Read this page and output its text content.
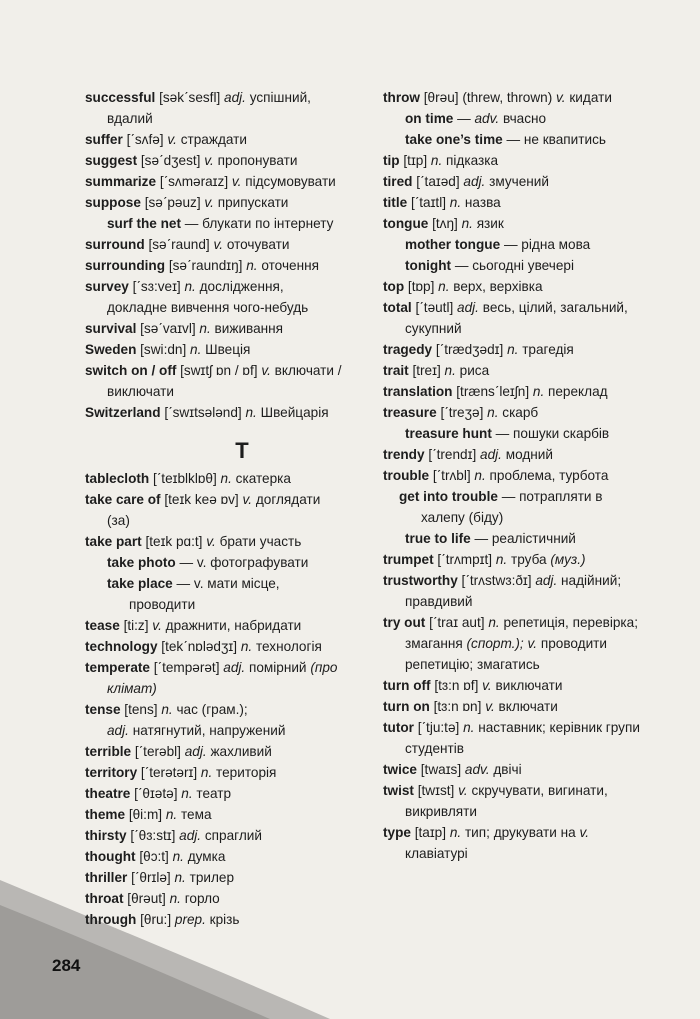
successful [səkˊsesfl] adj. успішний,
вдалий
suffer [ˊsʌfə] v. страждати
suggest [səˊdʒest] v. пропонувати
summarize [ˊsʌməraɪz] v. підсумовувати
suppose [səˊpəuz] v. припускати
surf the net — блукати по інтернету
surround [səˊraund] v. оточувати
surrounding [səˊraundɪŋ] n. оточення
survey [ˊsɜ:veɪ] n. дослідження,
докладне вивчення чого-небудь
survival [səˊvaɪvl] n. виживання
Sweden [swi:dn] n. Швеція
switch on / off [swɪtʃ ɒn / ɒf] v. включати /
виключати
Switzerland [ˊswɪtsələnd] n. Швейцарія
T
tablecloth [ˊteɪblklɒθ] n. скатерка
take care of [teɪk keə ɒv] v. доглядати
(за)
take part [teɪk pɑ:t] v. брати участь
take photo — v. фотографувати
take place — v. мати місце,
проводити
tease [ti:z] v. дражнити, набридати
technology [tekˊnɒlədʒɪ] n. технологія
temperate [ˊtempərət] adj. помірний (про
клімат)
tense [tens] n. час (грам.);
adj. натягнутий, напружений
terrible [ˊterəbl] adj. жахливий
territory [ˊterətərɪ] n. територія
theatre [ˊθɪətə] n. театр
theme [θi:m] n. тема
thirsty [ˊθɜ:stɪ] adj. спраглий
thought [θɔ:t] n. думка
thriller [ˊθrɪlə] n. трилер
throat [θrəut] n. горло
through [θru:] prep. крізь
throw [θrəu] (threw, thrown) v. кидати
on time — adv. вчасно
take one’s time — не квапитись
tip [tɪp] n. підказка
tired [ˊtaɪəd] adj. змучений
title [ˊtaɪtl] n. назва
tongue [tʌŋ] n. язик
mother tongue — рідна мова
tonight — сьогодні увечері
top [tɒp] n. верх, верхівка
total [ˊtəutl] adj. весь, цілий, загальний,
сукупний
tragedy [ˊtrædʒədɪ] n. трагедія
trait [treɪ] n. риса
translation [trænsˊleɪʃn] n. переклад
treasure [ˊtreʒə] n. скарб
treasure hunt — пошуки скарбів
trendy [ˊtrendɪ] adj. модний
trouble [ˊtrʌbl] n. проблема, турбота
get into trouble — потрапляти в
халепу (біду)
true to life — реалістичний
trumpet [ˊtrʌmpɪt] n. труба (муз.)
trustworthy [ˊtrʌstwɜ:ðɪ] adj. надійний;
правдивий
try out [ˊtraɪ aut] n. репетиція, перевірка;
змагання (спорт.); v. проводити
репетицію; змагатись
turn off [tɜ:n ɒf] v. виключати
turn on [tɜ:n ɒn] v. включати
tutor [ˊtju:tə] n. наставник; керівник групи
студентів
twice [twaɪs] adv. двічі
twist [twɪst] v. скручувати, вигинати,
викривляти
type [taɪp] n. тип; друкувати на v.
клавіатурі
284
